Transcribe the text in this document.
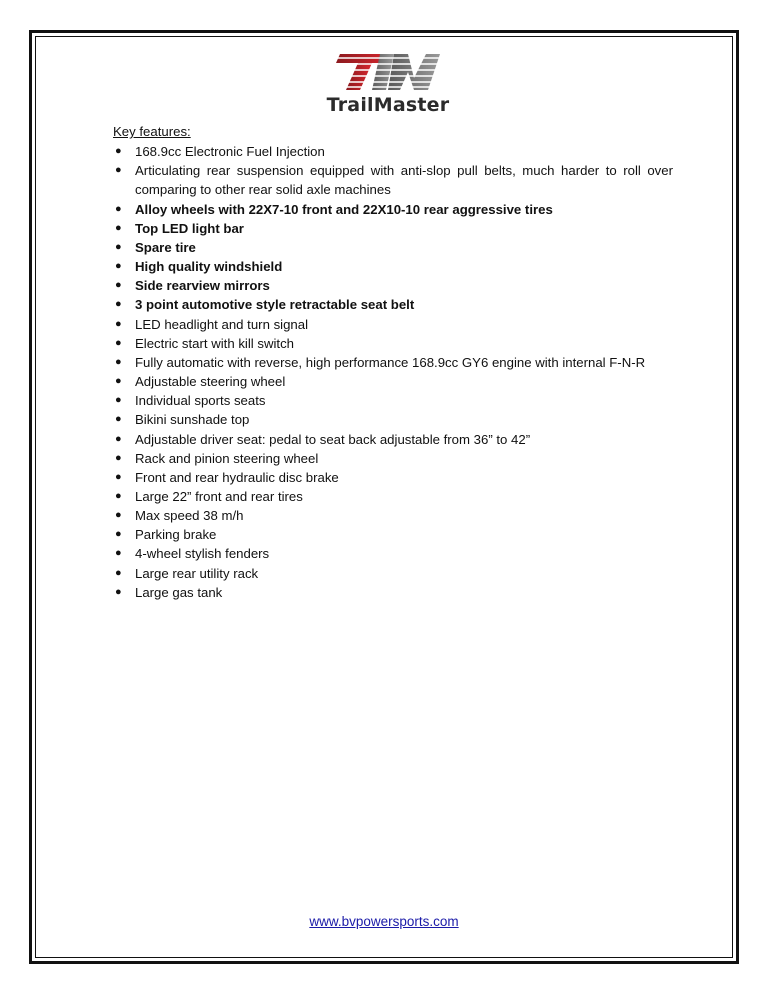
TrailMaster
Key features:
● 168.9cc Electronic Fuel Injection
● Articulating rear suspension equipped with anti-slop pull belts, much harder to roll over comparing to other rear solid axle machines
● Alloy wheels with 22X7-10 front and 22X10-10 rear aggressive tires
● Top LED light bar
● Spare tire
● High quality windshield
● Side rearview mirrors
● 3 point automotive style retractable seat belt
● LED headlight and turn signal
● Electric start with kill switch
● Fully automatic with reverse, high performance 168.9cc GY6 engine with internal F-N-R
● Adjustable steering wheel
● Individual sports seats
● Bikini sunshade top
● Adjustable driver seat: pedal to seat back adjustable from 36” to 42”
● Rack and pinion steering wheel
● Front and rear hydraulic disc brake
● Large 22” front and rear tires
● Max speed 38 m/h
● Parking brake
● 4-wheel stylish fenders
● Large rear utility rack
● Large gas tank
www.bvpowersports.com
